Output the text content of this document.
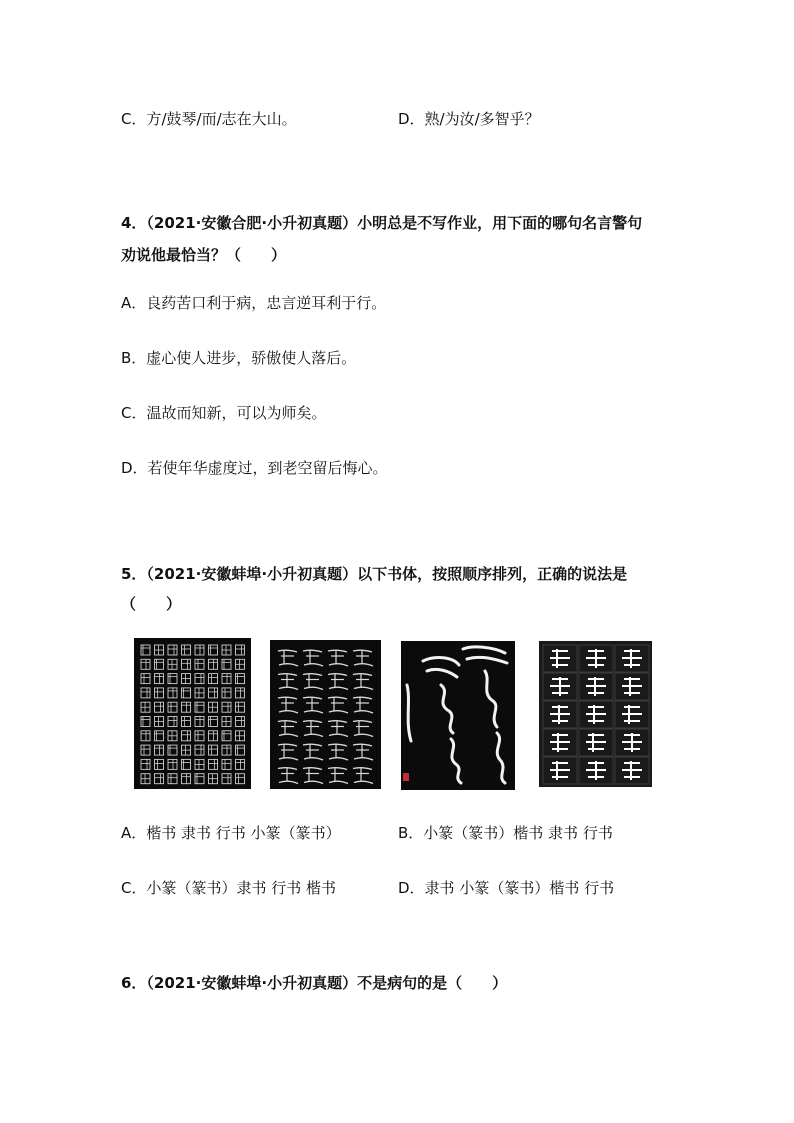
C．方/鼓琴/而/志在大山。	D．熟/为汝/多智乎？
4．（2021·安徽合肥·小升初真题）小明总是不写作业，用下面的哪句名言警句
劝说他最恰当？（　　）
A．良药苦口利于病，忠言逆耳利于行。
B．虚心使人进步，骄傲使人落后。
C．温故而知新，可以为师矣。
D．若使年华虚度过，到老空留后悔心。
5．（2021·安徽蚌埠·小升初真题）以下书体，按照顺序排列，正确的说法是
（　　）
A．楷书 隶书 行书 小篆（篆书）	B．小篆（篆书）楷书 隶书 行书
C．小篆（篆书）隶书 行书 楷书	D．隶书 小篆（篆书）楷书 行书
6．（2021·安徽蚌埠·小升初真题）不是病句的是（　　）
